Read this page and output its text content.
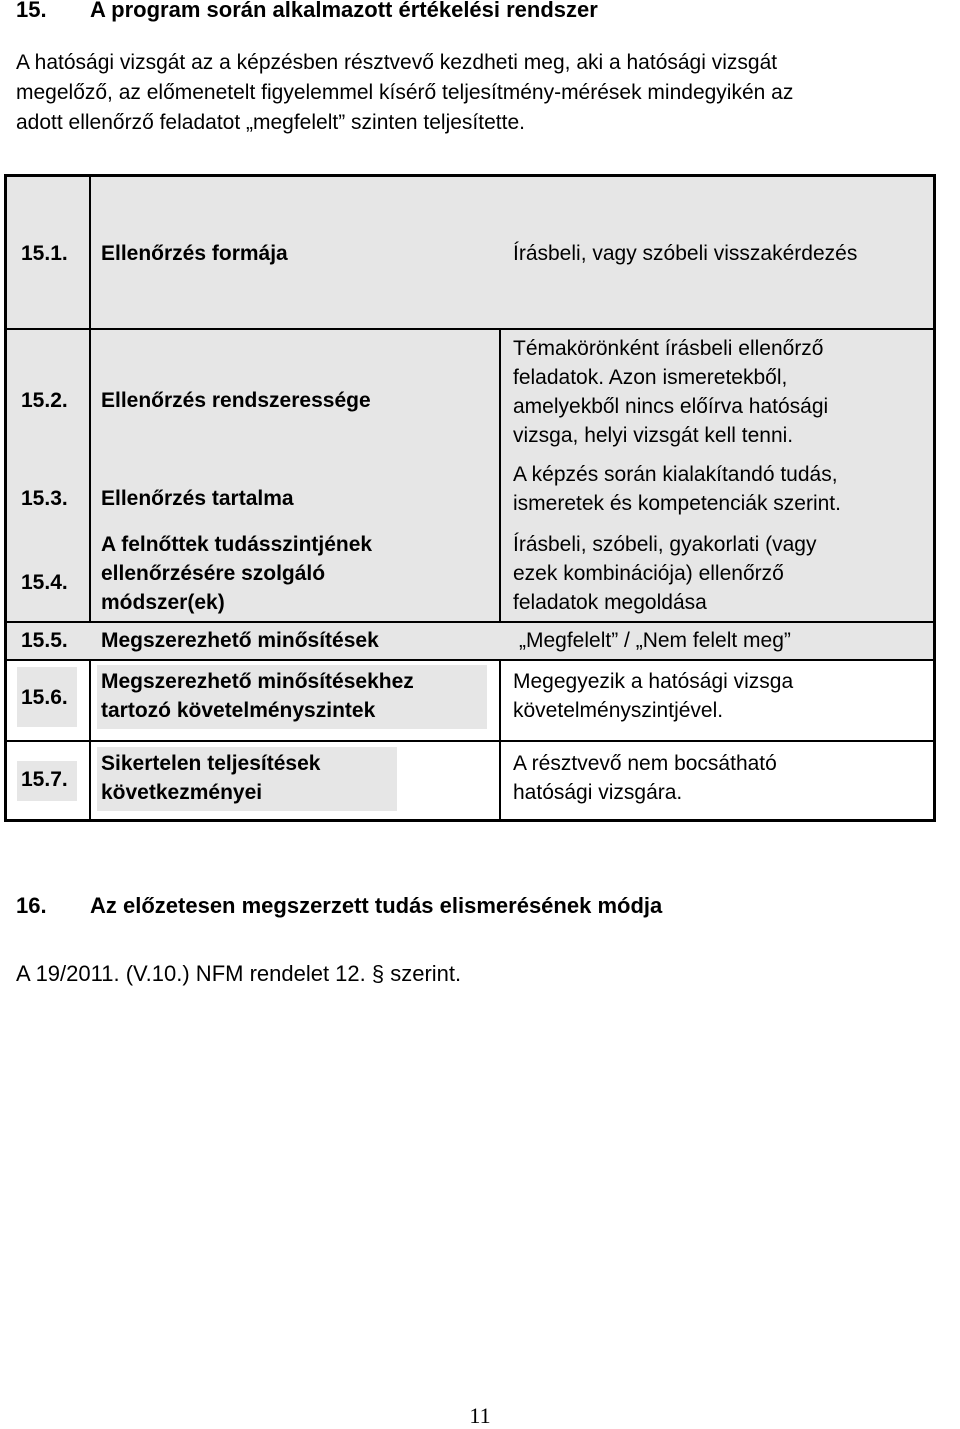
15. A program során alkalmazott értékelési rendszer
A hatósági vizsgát az a képzésben résztvevő kezdheti meg, aki a hatósági vizsgát
megelőző, az előmenetelt figyelemmel kísérő teljesítmény-mérések mindegyikén az
adott ellenőrző feladatot „megfelelt” szinten teljesítette.
15.1. Ellenőrzés formája	Írásbeli, vagy szóbeli visszakérdezés
15.2. Ellenőrzés rendszeressége
Témakörönként írásbeli ellenőrző
feladatok. Azon ismeretekből,
amelyekből nincs előírva hatósági
vizsga, helyi vizsgát kell tenni.
15.3. Ellenőrzés tartalma
A képzés során kialakítandó tudás,
ismeretek és kompetenciák szerint.
15.4.
A felnőttek tudásszintjének
ellenőrzésére szolgáló
módszer(ek)
Írásbeli, szóbeli, gyakorlati (vagy
ezek kombinációja) ellenőrző
feladatok megoldása
15.5. Megszerezhető minősítések	„Megfelelt” / „Nem felelt meg”
15.6.
Megszerezhető minősítésekhez
tartozó követelményszintek
Megegyezik a hatósági vizsga
követelményszintjével.
15.7.
Sikertelen teljesítések
következményei
A résztvevő nem bocsátható
hatósági vizsgára.
16. Az előzetesen megszerzett tudás elismerésének módja
A 19/2011. (V.10.) NFM rendelet 12. § szerint.
11
